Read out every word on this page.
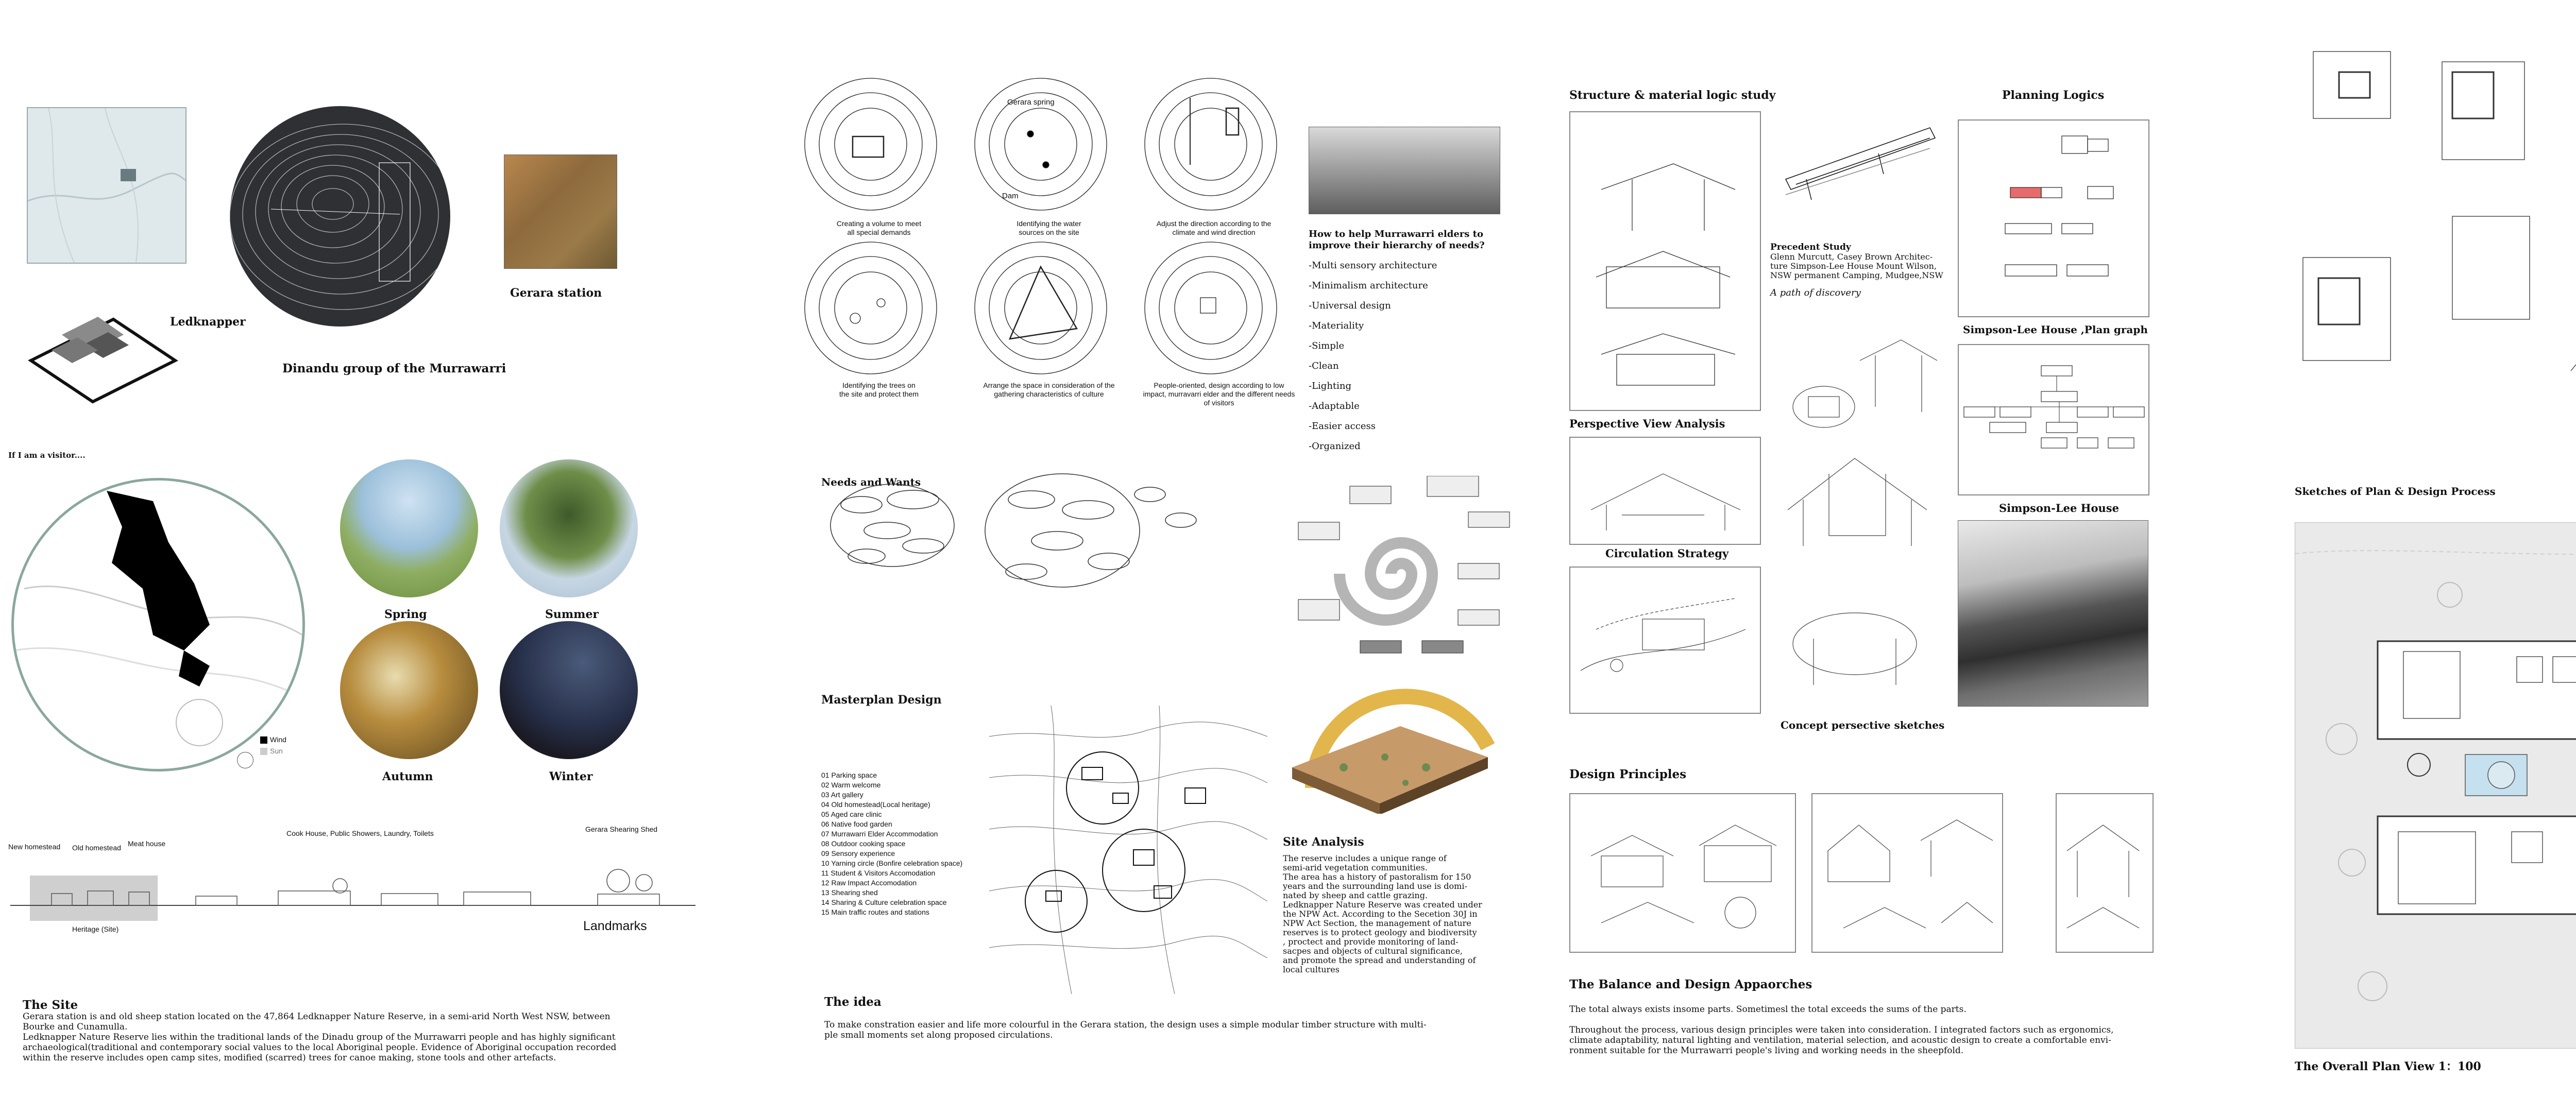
Ledknapper
Gerara station
Dinandu group of the Murrawarri
If I am a visitor....
Wind
Sun
Spring	Summer
Autumn	Winter
New homestead Old homestead Meat house
Cook House, Public Showers, Laundry, Toilets	Gerara Shearing Shed
Heritage (Site)	Landmarks
The Site
Gerara station is and old sheep station located on the 47,864 Ledknapper Nature Reserve, in a semi-arid North West NSW, between
Bourke and Cunamulla.
Ledknapper Nature Reserve lies within the traditional lands of the Dinadu group of the Murrawarri people and has highly significant
archaeological(traditional and contemporary social values to the local Aboriginal people. Evidence of Aboriginal occupation recorded
within the reserve includes open camp sites, modified (scarred) trees for canoe making, stone tools and other artefacts.
Gerara spring
Dam
Creating a volume to meet
all special demands
Identifying the water
sources on the site
Adjust the direction according to the
climate and wind direction
Identifying the trees on
the site and protect them
Arrange the space in consideration of the
gathering characteristics of culture
People-oriented, design according to low
impact, murravarri elder and the different needs
of visitors
How to help Murrawarri elders to improve their hierarchy of needs?
-Multi sensory architecture
-Minimalism architecture
-Universal design
-Materiality
-Simple
-Clean
-Lighting
-Adaptable
-Easier access
-Organized
Needs and Wants
Masterplan Design
01 Parking space
02 Warm welcome
03 Art gallery
04 Old homestead(Local heritage)
05 Aged care clinic
06 Native food garden
07 Murrawarri Elder Accommodation
08 Outdoor cooking space
09 Sensory experience
10 Yarning circle (Bonfire celebration space)
11 Student & Visitors Accomodation
12 Raw Impact Accomodation
13 Shearing shed
14 Sharing & Culture celebration space
15 Main traffic routes and stations
Site Analysis
The reserve includes a unique range of
semi-arid vegetation communities.
The area has a history of pastoralism for 150
years and the surrounding land use is domi-
nated by sheep and cattle grazing.
Ledknapper Nature Reserve was created under
the NPW Act. According to the Secetion 30J in
NPW Act Section, the management of nature
reserves is to protect geology and biodiversity
, proctect and provide monitoring of land-
sacpes and objects of cultural significance,
and promote the spread and understanding of
local cultures
The idea
To make constration easier and life more colourful in the Gerara station, the design uses a simple modular timber structure with multi-
ple small moments set along proposed circulations.
Structure & material logic study	Planning Logics
Precedent Study
Glenn Murcutt, Casey Brown Architec-
ture Simpson-Lee House Mount Wilson,
NSW permanent Camping, Mudgee,NSW
A path of discovery
Simpson-Lee House ,Plan graph
Perspective View Analysis
Circulation Strategy
Simpson-Lee House
Concept persective sketches
Design Principles
The Balance and Design Appaorches
The total always exists insome parts. Sometimesl the total exceeds the sums of the parts.
Throughout the process, various design principles were taken into consideration. I integrated factors such as ergonomics,
climate adaptability, natural lighting and ventilation, material selection, and acoustic design to create a comfortable envi-
ronment suitable for the Murrawarri people's living and working needs in the sheepfold.
Sketches of Plan & Design Process
The Overall Plan View 1：100
